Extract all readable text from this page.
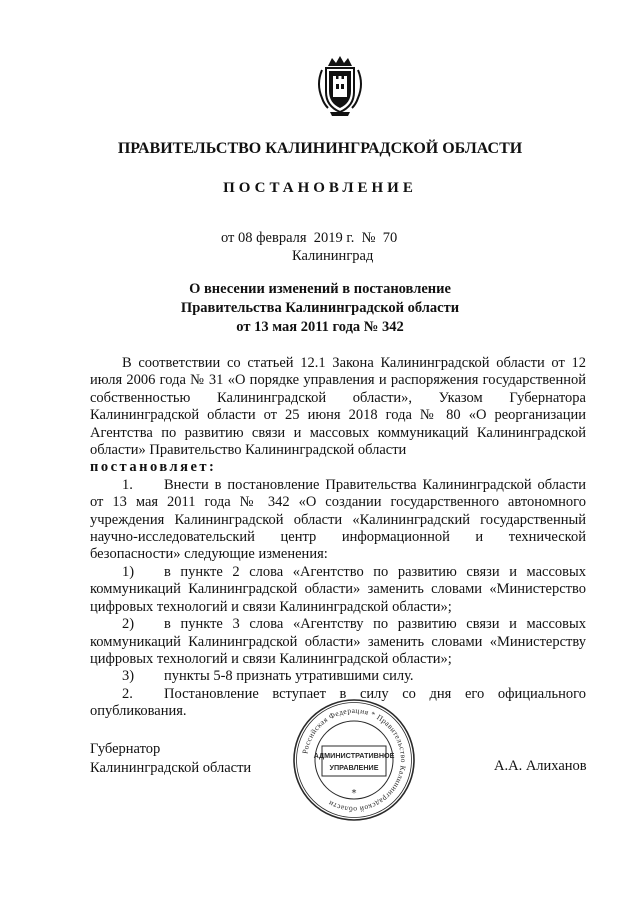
ПРАВИТЕЛЬСТВО КАЛИНИНГРАДСКОЙ ОБЛАСТИ
ПОСТАНОВЛЕНИЕ
от 08 февраля  2019 г.  №  70
Калининград
О внесении изменений в постановление
Правительства Калининградской области
от 13 мая 2011 года № 342

В соответствии со статьей 12.1 Закона Калининградской области от 12 июля 2006 года № 31 «О порядке управления и распоряжения государственной собственностью Калининградской области», Указом Губернатора Калининградской области от 25 июня 2018 года № 80 «О реорганизации Агентства по развитию связи и массовых коммуникаций Калининградской области» Правительство Калининградской области

постановляет:

1. Внести в постановление Правительства Калининградской области от 13 мая 2011 года № 342 «О создании государственного автономного учреждения Калининградской области «Калининградский государственный научно-исследовательский центр информационной и технической безопасности» следующие изменения:

1) в пункте 2 слова «Агентство по развитию связи и массовых коммуникаций Калининградской области» заменить словами «Министерство цифровых технологий и связи Калининградской области»;

2) в пункте 3 слова «Агентству по развитию связи и массовых коммуникаций Калининградской области» заменить словами «Министерству цифровых технологий и связи Калининградской области»;

3) пункты 5-8 признать утратившими силу.

2. Постановление вступает в силу со дня его официального опубликования.

Губернатор
Калининградской области	А.А. Алиханов
Российская Федерация * Правительство Калининградской области
АДМИНИСТРАТИВНОЕ
УПРАВЛЕНИЕ
*
